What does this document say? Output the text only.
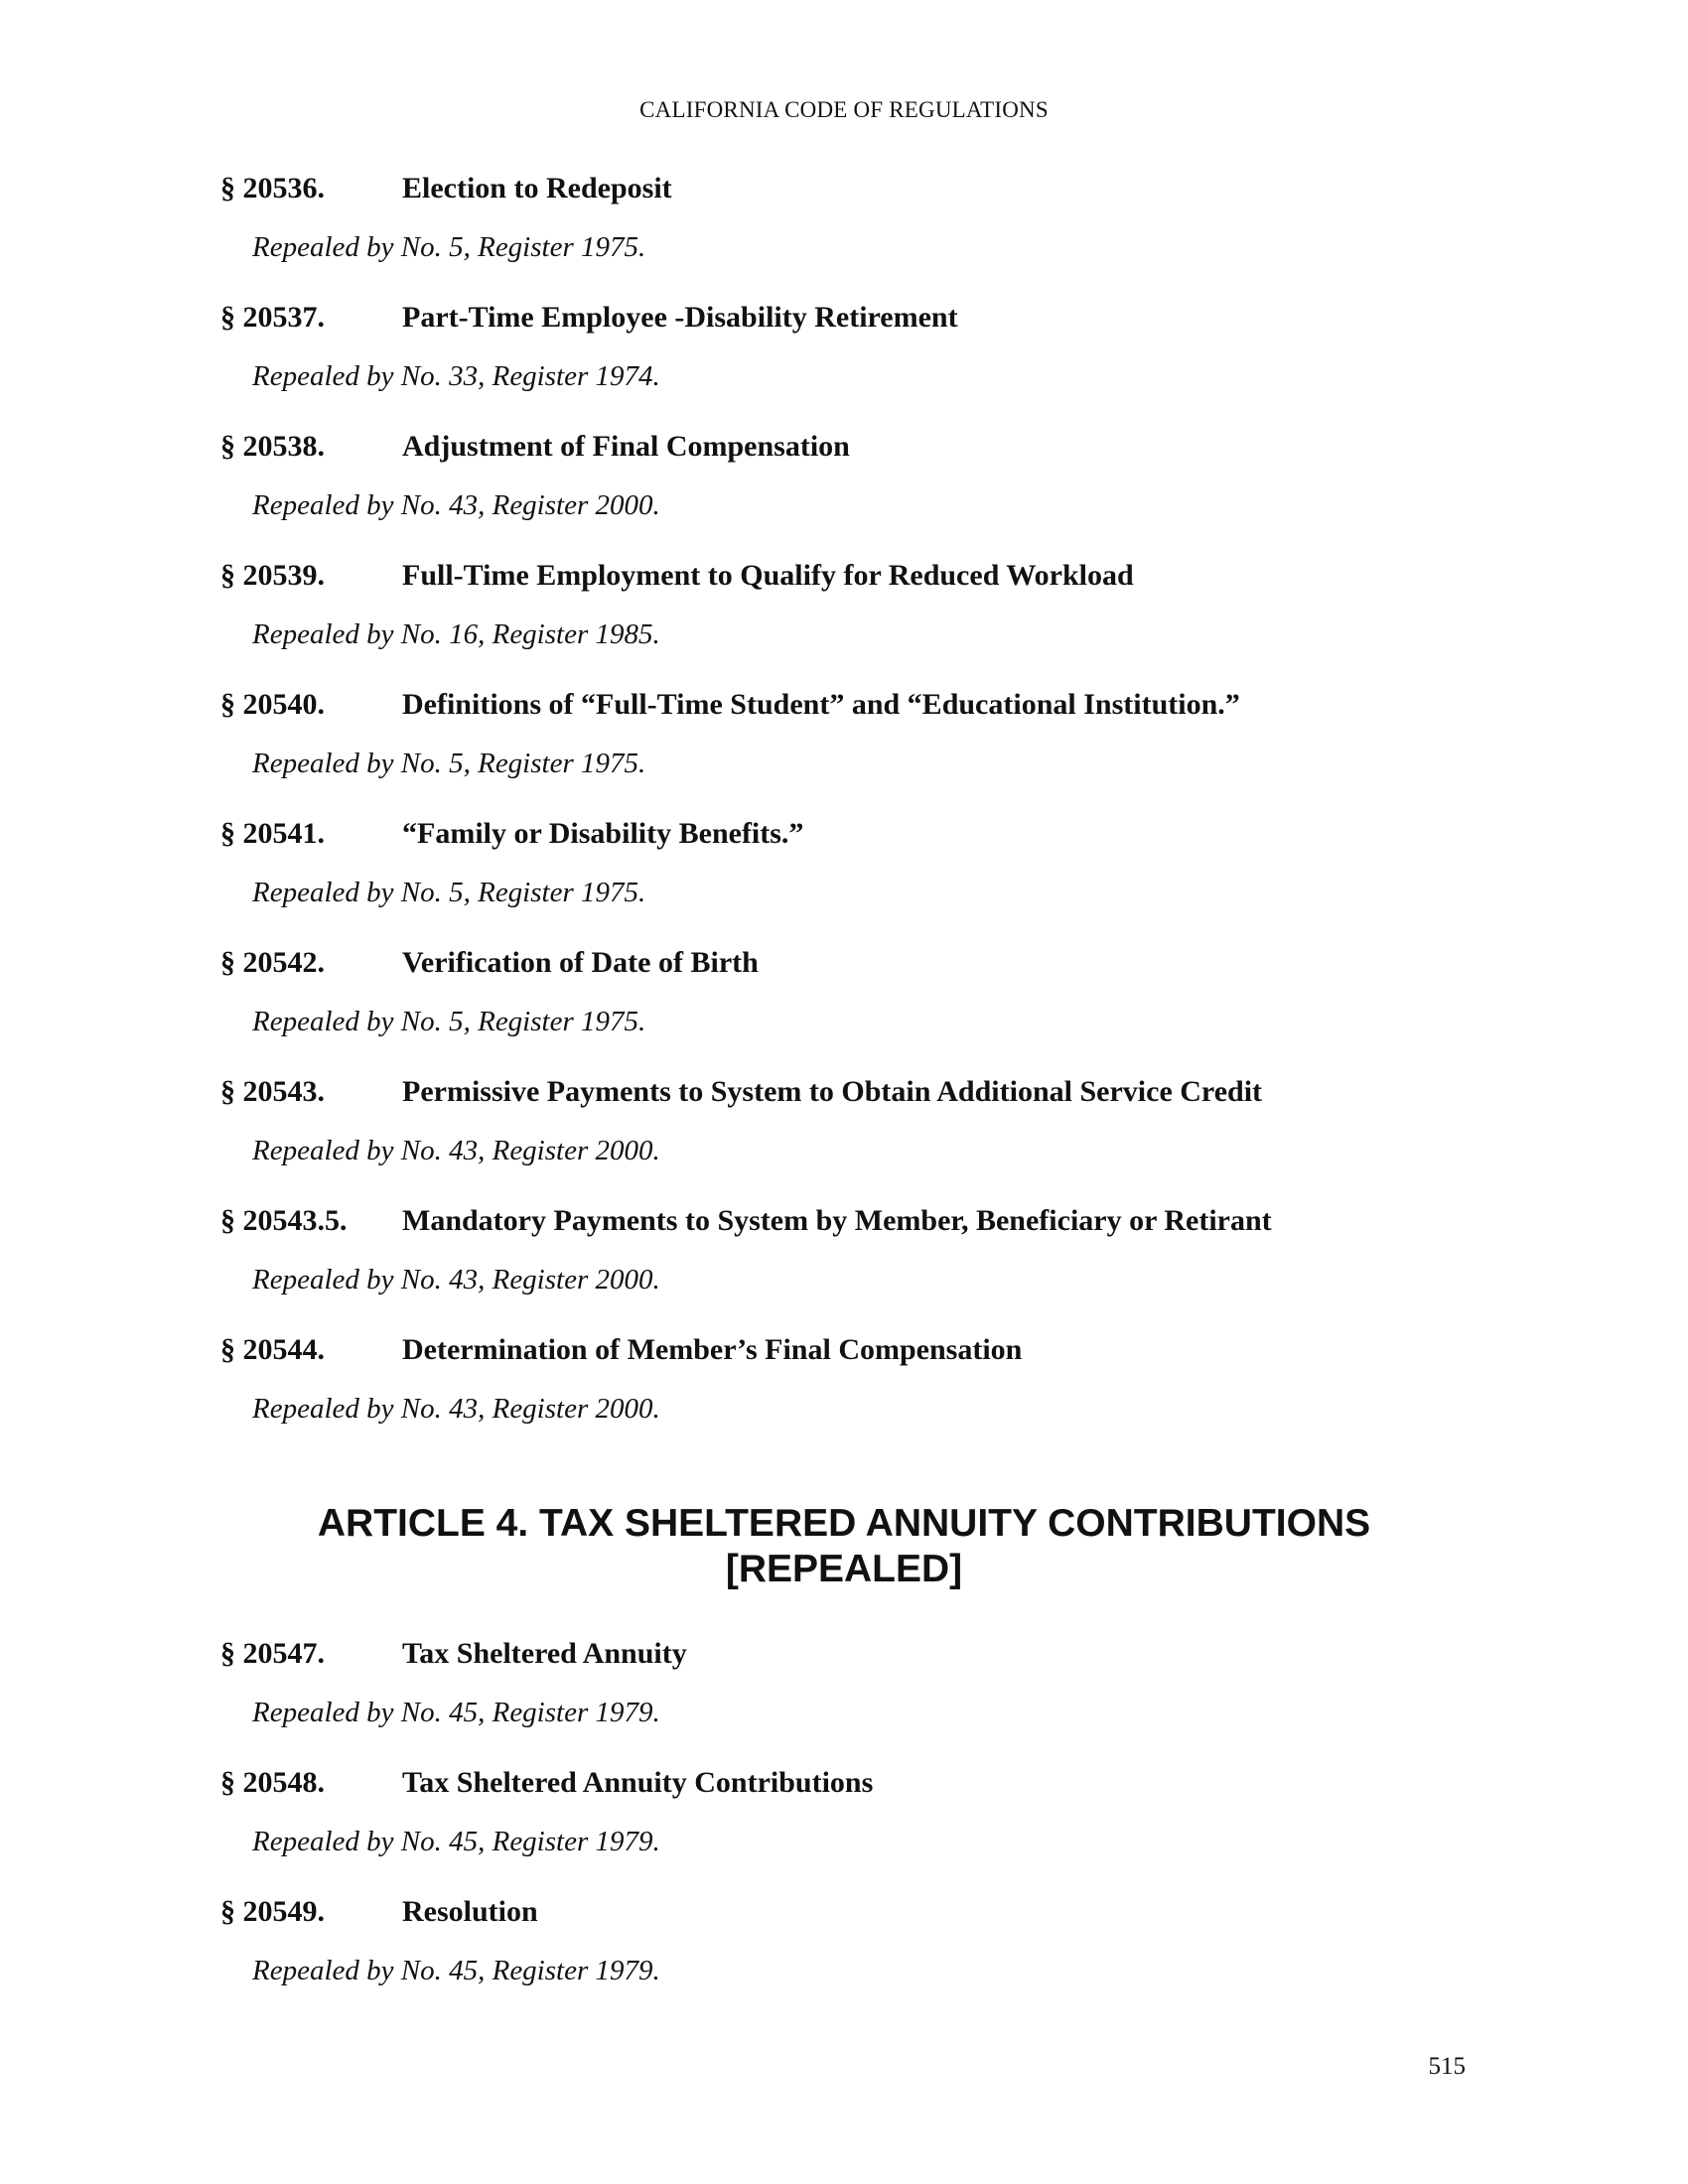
CALIFORNIA CODE OF REGULATIONS
§ 20536.	Election to Redeposit
Repealed by No. 5, Register 1975.
§ 20537.	Part-Time Employee -Disability Retirement
Repealed by No. 33, Register 1974.
§ 20538.	Adjustment of Final Compensation
Repealed by No. 43, Register 2000.
§ 20539.	Full-Time Employment to Qualify for Reduced Workload
Repealed by No. 16, Register 1985.
§ 20540.	Definitions of “Full-Time Student” and “Educational Institution.”
Repealed by No. 5, Register 1975.
§ 20541.	“Family or Disability Benefits.”
Repealed by No. 5, Register 1975.
§ 20542.	Verification of Date of Birth
Repealed by No. 5, Register 1975.
§ 20543.	Permissive Payments to System to Obtain Additional Service Credit
Repealed by No. 43, Register 2000.
§ 20543.5. Mandatory Payments to System by Member, Beneficiary or Retirant
Repealed by No. 43, Register 2000.
§ 20544.	Determination of Member’s Final Compensation
Repealed by No. 43, Register 2000.
ARTICLE 4. TAX SHELTERED ANNUITY CONTRIBUTIONS
[REPEALED]
§ 20547.	Tax Sheltered Annuity
Repealed by No. 45, Register 1979.
§ 20548.	Tax Sheltered Annuity Contributions
Repealed by No. 45, Register 1979.
§ 20549.	Resolution
Repealed by No. 45, Register 1979.
515
